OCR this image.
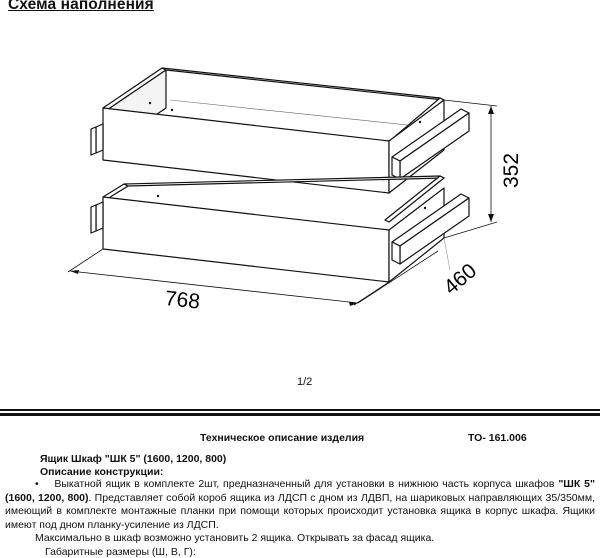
Схема наполнения
768
460
352
1/2
Техническое описание изделия	ТО- 161.006
Ящик Шкаф "ШК 5" (1600, 1200, 800)
Описание конструкции:

• Выкатной ящик в комплекте 2шт, предназначенный для установки в нижнюю часть корпуса шкафов "ШК 5" (1600, 1200, 800). Представляет собой короб ящика из ЛДСП с дном из ЛДВП, на шариковых направляющих 35/350мм, имеющий в комплекте монтажные планки при помощи которых происходит установка ящика в корпус шкафа. Ящики имеют под дном планку-усиление из ЛДСП.

Максимально в шкаф возможно установить 2 ящика. Открывать за фасад ящика.

Габаритные размеры (Ш, В, Г):
